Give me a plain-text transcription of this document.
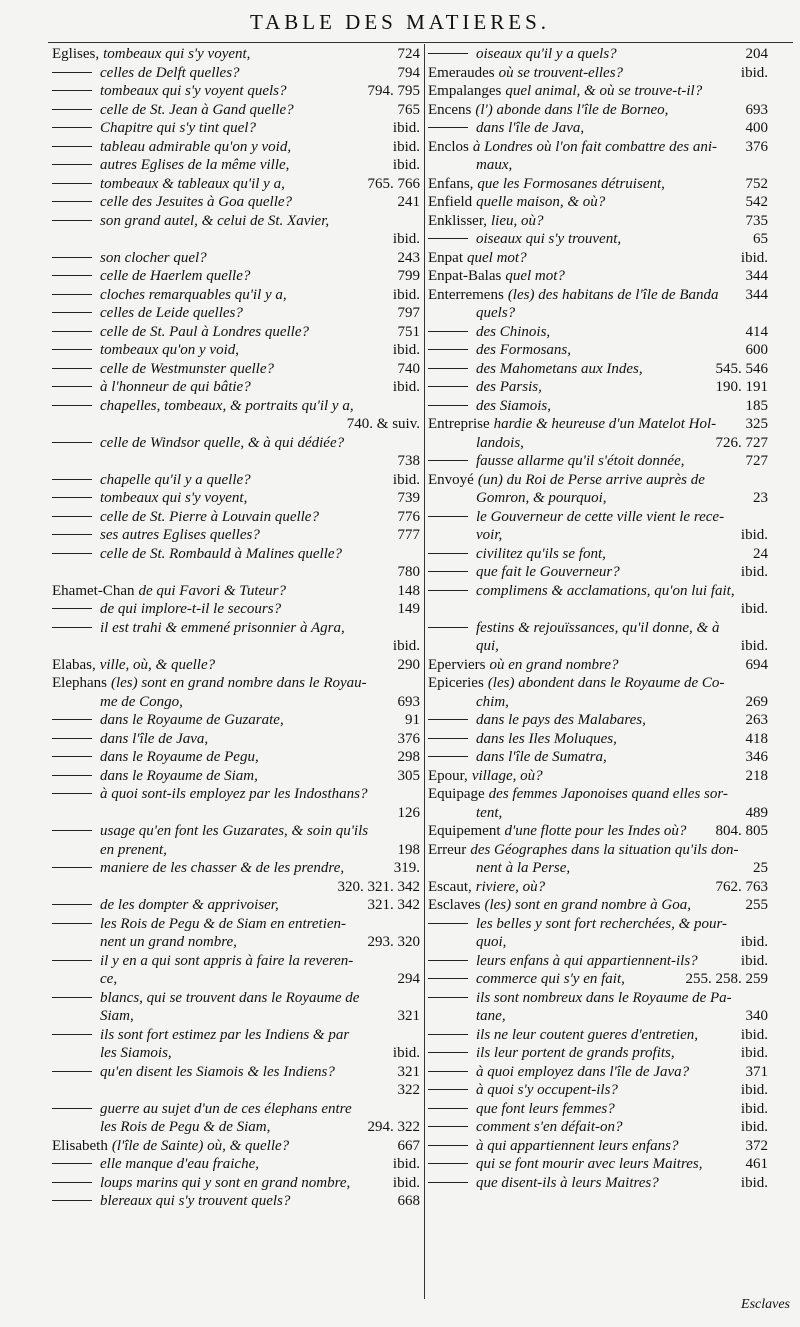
TABLE DES MATIERES.
Eglises, tombeaux qui s'y voyent,	724
celles de Delft quelles?	794
tombeaux qui s'y voyent quels?	794. 795
celle de St. Jean à Gand quelle?	765
Chapitre qui s'y tint quel?	ibid.
tableau admirable qu'on y void,	ibid.
autres Eglises de la même ville,	ibid.
tombeaux & tableaux qu'il y a,	765. 766
celle des Jesuites à Goa quelle?	241
son grand autel, & celui de St. Xavier,
ibid.
son clocher quel?	243
celle de Haerlem quelle?	799
cloches remarquables qu'il y a,	ibid.
celles de Leide quelles?	797
celle de St. Paul à Londres quelle?	751
tombeaux qu'on y void,	ibid.
celle de Westmunster quelle?	740
à l'honneur de qui bâtie?	ibid.
chapelles, tombeaux, & portraits qu'il y a,
740. & suiv.
celle de Windsor quelle, & à qui dédiée?
738
chapelle qu'il y a quelle?	ibid.
tombeaux qui s'y voyent,	739
celle de St. Pierre à Louvain quelle?	776
ses autres Eglises quelles?	777
celle de St. Rombauld à Malines quelle?
780
Ehamet-Chan de qui Favori & Tuteur?	148
de qui implore-t-il le secours?	149
il est trahi & emmené prisonnier à Agra,
ibid.
Elabas, ville, où, & quelle?	290
Elephans (les) sont en grand nombre dans le Royau-
me de Congo,	693
dans le Royaume de Guzarate,	91
dans l'île de Java,	376
dans le Royaume de Pegu,	298
dans le Royaume de Siam,	305
à quoi sont-ils employez par les Indosthans?
126
usage qu'en font les Guzarates, & soin qu'ils
en prenent,	198
maniere de les chasser & de les prendre,	319.
320. 321. 342
de les dompter & apprivoiser,	321. 342
les Rois de Pegu & de Siam en entretien-
nent un grand nombre,	293. 320
il y en a qui sont appris à faire la reveren-
ce,	294
blancs, qui se trouvent dans le Royaume de
Siam,	321
ils sont fort estimez par les Indiens & par
les Siamois,	ibid.
qu'en disent les Siamois & les Indiens?	321
322
guerre au sujet d'un de ces élephans entre
les Rois de Pegu & de Siam,	294. 322
Elisabeth (l'île de Sainte) où, & quelle?	667
elle manque d'eau fraiche,	ibid.
loups marins qui y sont en grand nombre,	ibid.
blereaux qui s'y trouvent quels?	668
oiseaux qu'il y a quels?	204
Emeraudes où se trouvent-elles?	ibid.
Empalanges quel animal, & où se trouve-t-il?
Encens (l') abonde dans l'île de Borneo,	693
dans l'île de Java,	400
Enclos à Londres où l'on fait combattre des ani-	376
maux,
Enfans, que les Formosanes détruisent,	752
Enfield quelle maison, & où?	542
Enklisser, lieu, où?	735
oiseaux qui s'y trouvent,	65
Enpat quel mot?	ibid.
Enpat-Balas quel mot?	344
Enterremens (les) des habitans de l'île de Banda	344
quels?
des Chinois,	414
des Formosans,	600
des Mahometans aux Indes,	545. 546
des Parsis,	190. 191
des Siamois,	185
Entreprise hardie & heureuse d'un Matelot Hol-	325
landois,	726. 727
fausse allarme qu'il s'étoit donnée,	727
Envoyé (un) du Roi de Perse arrive auprès de
Gomron, & pourquoi,	23
le Gouverneur de cette ville vient le rece-
voir,	ibid.
civilitez qu'ils se font,	24
que fait le Gouverneur?	ibid.
complimens & acclamations, qu'on lui fait,
ibid.
festins & rejouïssances, qu'il donne, & à
qui,	ibid.
Eperviers où en grand nombre?	694
Epiceries (les) abondent dans le Royaume de Co-
chim,	269
dans le pays des Malabares,	263
dans les Iles Moluques,	418
dans l'île de Sumatra,	346
Epour, village, où?	218
Equipage des femmes Japonoises quand elles sor-
tent,	489
Equipement d'une flotte pour les Indes où?	804. 805
Erreur des Géographes dans la situation qu'ils don-
nent à la Perse,	25
Escaut, riviere, où?	762. 763
Esclaves (les) sont en grand nombre à Goa,	255
les belles y sont fort recherchées, & pour-
quoi,	ibid.
leurs enfans à qui appartiennent-ils?	ibid.
commerce qui s'y en fait,	255. 258. 259
ils sont nombreux dans le Royaume de Pa-
tane,	340
ils ne leur coutent gueres d'entretien,	ibid.
ils leur portent de grands profits,	ibid.
à quoi employez dans l'île de Java?	371
à quoi s'y occupent-ils?	ibid.
que font leurs femmes?	ibid.
comment s'en défait-on?	ibid.
à qui appartiennent leurs enfans?	372
qui se font mourir avec leurs Maitres,	461
que disent-ils à leurs Maitres?	ibid.
Esclaves
